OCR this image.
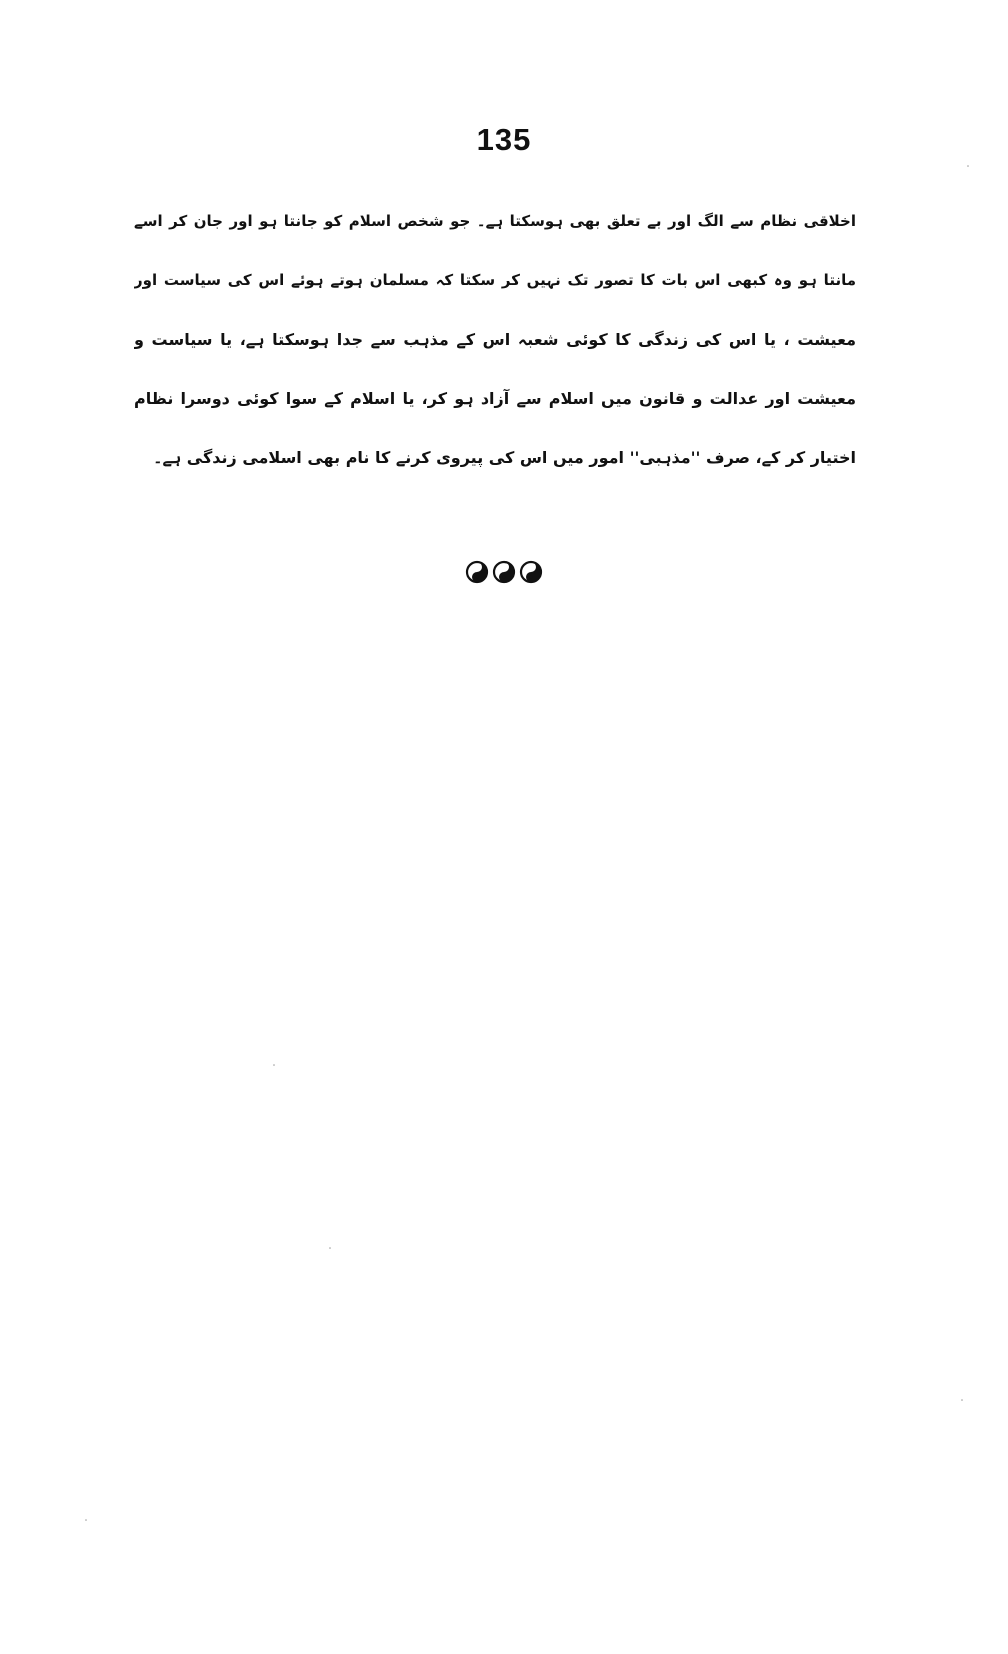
135
اخلاقی نظام سے الگ اور بے تعلق بھی ہوسکتا ہے۔ جو شخص اسلام کو جانتا ہو اور جان کر اسے
مانتا ہو وہ کبھی اس بات کا تصور تک نہیں کر سکتا کہ مسلمان ہوتے ہوئے اس کی سیاست اور
معیشت ، یا اس کی زندگی کا کوئی شعبہ اس کے مذہب سے جدا ہوسکتا ہے، یا سیاست و
معیشت اور عدالت و قانون میں اسلام سے آزاد ہو کر، یا اسلام کے سوا کوئی دوسرا نظام
اختیار کر کے، صرف ''مذہبی'' امور میں اس کی پیروی کرنے کا نام بھی اسلامی زندگی ہے۔
